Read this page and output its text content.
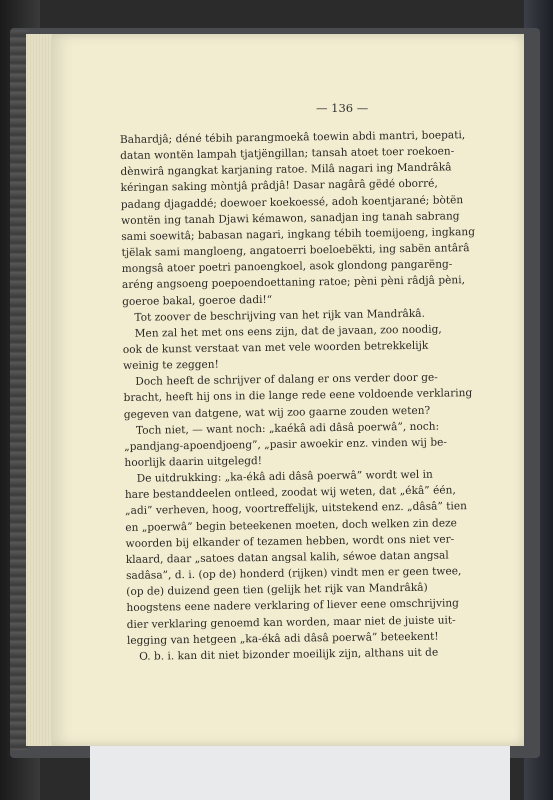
— 136 —
Bahardjâ; déné tébih parangmoekâ toewin abdi mantri, boepati,
datan wontën lampah tjatjëngillan; tansah atoet toer roekoen-
dènwirâ ngangkat karjaning ratoe. Milâ nagari ing Mandrâkâ
kéringan saking mòntjâ prâdjâ! Dasar nagârâ gëdé oborré,
padang djagaddé; doewoer koekoessé, adoh koentjarané; bòtën
wontën ing tanah Djawi kémawon, sanadjan ing tanah sabrang
sami soewitâ; babasan nagari, ingkang tébih toemijoeng, ingkang
tjëlak sami mangloeng, angatoerri boeloebëkti, ing sabën antârâ
mongsâ atoer poetri panoengkoel, asok glondong pangarëng-
aréng angsoeng poepoendoettaning ratoe; pèni pèni râdjâ pèni,
goeroe bakal, goeroe dadi!“
Tot zoover de beschrijving van het rijk van Mandrâkâ.
Men zal het met ons eens zijn, dat de javaan, zoo noodig,
ook de kunst verstaat van met vele woorden betrekkelijk
weinig te zeggen!
Doch heeft de schrijver of dalang er ons verder door ge-
bracht, heeft hij ons in die lange rede eene voldoende verklaring
gegeven van datgene, wat wij zoo gaarne zouden weten?
Toch niet, — want noch: „kaékâ adi dâsâ poerwâ”, noch:
„pandjang-apoendjoeng”, „pasir awoekir enz. vinden wij be-
hoorlijk daarin uitgelegd!
De uitdrukking: „ka-ékâ adi dâsâ poerwâ” wordt wel in
hare bestanddeelen ontleed, zoodat wij weten, dat „ékâ” één,
„adi” verheven, hoog, voortreffelijk, uitstekend enz. „dâsâ” tien
en „poerwâ” begin beteekenen moeten, doch welken zin deze
woorden bij elkander of tezamen hebben, wordt ons niet ver-
klaard, daar „satoes datan angsal kalih, séwoe datan angsal
sadâsa”, d. i. (op de) honderd (rijken) vindt men er geen twee,
(op de) duizend geen tien (gelijk het rijk van Mandrâkâ)
hoogstens eene nadere verklaring of liever eene omschrijving
dier verklaring genoemd kan worden, maar niet de juiste uit-
legging van hetgeen „ka-ékâ adi dâsâ poerwâ” beteekent!
O. b. i. kan dit niet bizonder moeilijk zijn, althans uit de
